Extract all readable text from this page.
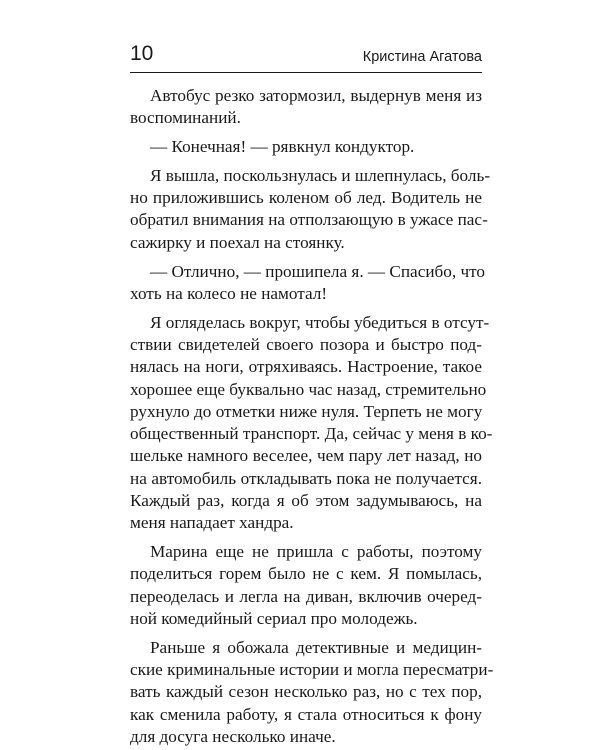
10	Кристина Агатова
Автобус резко затормозил, выдернув меня из
воспоминаний.
— Конечная! — рявкнул кондуктор.
Я вышла, поскользнулась и шлепнулась, боль-
но приложившись коленом об лед. Водитель не
обратил внимания на отползающую в ужасе пас-
сажирку и поехал на стоянку.
— Отлично, — прошипела я. — Спасибо, что
хоть на колесо не намотал!
Я огляделась вокруг, чтобы убедиться в отсут-
ствии свидетелей своего позора и быстро под-
нялась на ноги, отряхиваясь. Настроение, такое
хорошее еще буквально час назад, стремительно
рухнуло до отметки ниже нуля. Терпеть не могу
общественный транспорт. Да, сейчас у меня в ко-
шельке намного веселее, чем пару лет назад, но
на автомобиль откладывать пока не получается.
Каждый раз, когда я об этом задумываюсь, на
меня нападает хандра.
Марина еще не пришла с работы, поэтому
поделиться горем было не с кем. Я помылась,
переоделась и легла на диван, включив очеред-
ной комедийный сериал про молодежь.
Раньше я обожала детективные и медицин-
ские криминальные истории и могла пересматри-
вать каждый сезон несколько раз, но с тех пор,
как сменила работу, я стала относиться к фону
для досуга несколько иначе.
